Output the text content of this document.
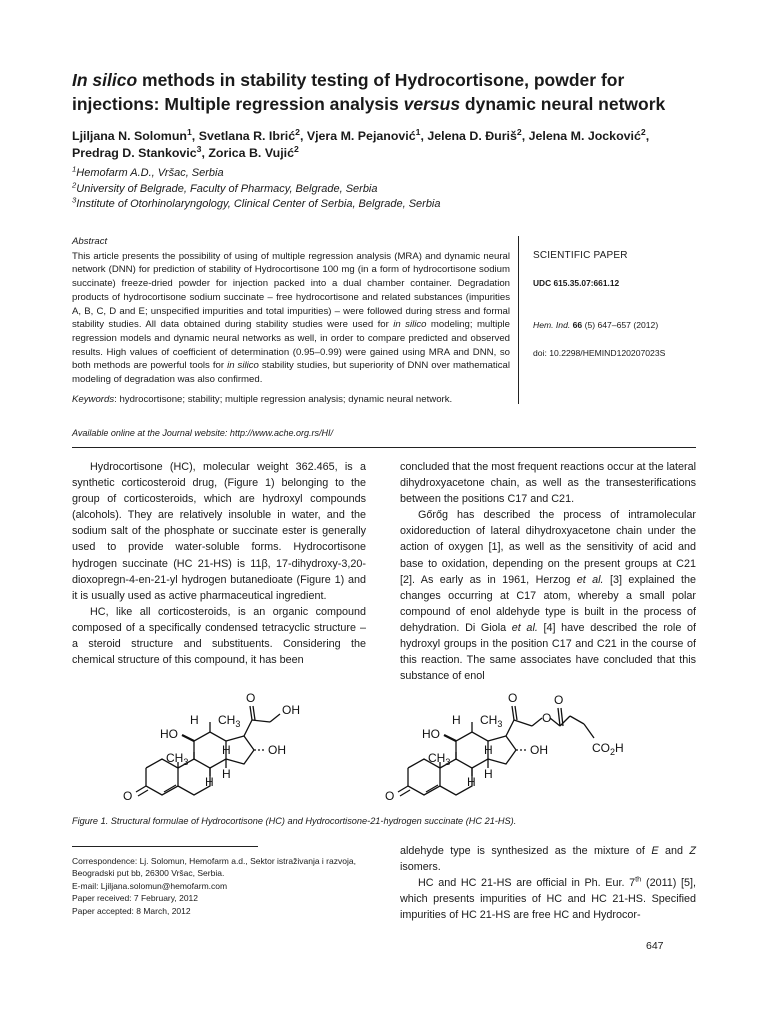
In silico methods in stability testing of Hydrocortisone, powder for injections: Multiple regression analysis versus dynamic neural network
Ljiljana N. Solomun$^1$, Svetlana R. Ibrić$^2$, Vjera M. Pejanović$^1$, Jelena D. Đuriš$^2$, Jelena M. Jocković$^2$,
Predrag D. Stankovic$^3$, Zorica B. Vujić$^2$
$^1$Hemofarm A.D., Vršac, Serbia
$^2$University of Belgrade, Faculty of Pharmacy, Belgrade, Serbia
$^3$Institute of Otorhinolaryngology, Clinical Center of Serbia, Belgrade, Serbia
Abstract
This article presents the possibility of using of multiple regression analysis (MRA) and dynamic neural network (DNN) for prediction of stability of Hydrocortisone 100 mg (in a form of hydrocortisone sodium succinate) freeze-dried powder for injection packed into a dual chamber container. Degradation products of hydrocortisone sodium succinate – free hydrocortisone and related substances (impurities A, B, C, D and E; unspecified impurities and total impurities) – were followed during stress and formal stability studies. All data obtained during stability studies were used for in silico modeling; multiple regression models and dynamic neural networks as well, in order to compare predicted and observed results. High values of coefficient of determination (0.95–0.99) were gained using MRA and DNN, so both methods are powerful tools for in silico stability studies, but superiority of DNN over mathematical modeling of degradation was also confirmed.
Keywords: hydrocortisone; stability; multiple regression analysis; dynamic neural network.
SCIENTIFIC PAPER
UDC 615.35.07:661.12
Hem. Ind. 66 (5) 647–657 (2012)
doi: 10.2298/HEMIND120207023S
Available online at the Journal website: http://www.ache.org.rs/HI/

Hydrocortisone (HC), molecular weight 362.465, is a synthetic corticosteroid drug, (Figure 1) belonging to the group of corticosteroids, which are hydroxyl compounds (alcohols). They are relatively insoluble in water, and the sodium salt of the phosphate or succinate ester is generally used to provide water-soluble forms. Hydrocortisone hydrogen succinate (HC 21-HS) is 11β, 17-dihydroxy-3,20-dioxopregn-4-en-21-yl hydrogen butanedioate (Figure 1) and it is usually used as active pharmaceutical ingredient.

HC, like all corticosteroids, is an organic compound composed of a specifically condensed tetracyclic structure – a steroid structure and substituents. Considering the chemical structure of this compound, it has been

concluded that the most frequent reactions occur at the lateral dihydroxyacetone chain, as well as the transesterifications between the positions C17 and C21.

Gőrőg has described the process of intramolecular oxidoreduction of lateral dihydroxyacetone chain under the action of oxygen [1], as well as the sensitivity of acid and base to oxidation, depending on the present groups at C21 [2]. As early as in 1961, Herzog et al. [3] explained the changes occurring at C17 atom, whereby a small polar compound of enol aldehyde type is built in the process of dehydration. Di Giola et al. [4] have described the role of hydroxyl groups in the position C17 and C21 in the course of this reaction. The same associates have concluded that this substance of enol

O
HO
H $CH_3$
$CH_3$
H
H
H
O
OH
OH
O
HO
H $CH_3$
$CH_3$
H
H
H
O
OH
O
O
$CO_2H$
Figure 1. Structural formulae of Hydrocortisone (HC) and Hydrocortisone-21-hydrogen succinate (HC 21-HS).
Correspondence: Lj. Solomun, Hemofarm a.d., Sektor istraživanja i razvoja, Beogradski put bb, 26300 Vršac, Serbia.
E-mail: Ljiljana.solomun@hemofarm.com
Paper received: 7 February, 2012
Paper accepted: 8 March, 2012

aldehyde type is synthesized as the mixture of E and Z isomers.

HC and HC 21-HS are official in Ph. Eur. 7th (2011) [5], which presents impurities of HC and HC 21-HS. Specified impurities of HC 21-HS are free HC and Hydrocor-

647
